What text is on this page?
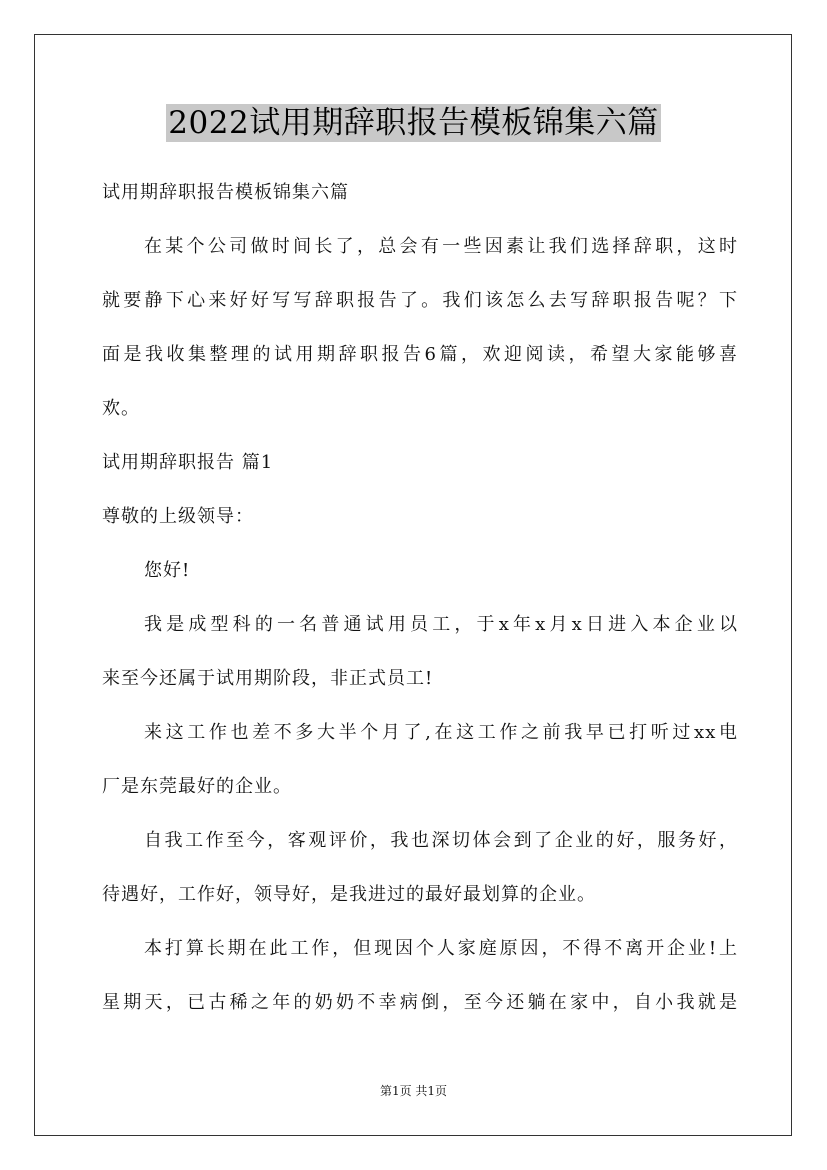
2022试用期辞职报告模板锦集六篇
试用期辞职报告模板锦集六篇
在某个公司做时间长了，总会有一些因素让我们选择辞职，这时
就要静下心来好好写写辞职报告了。我们该怎么去写辞职报告呢？下
面是我收集整理的试用期辞职报告6篇，欢迎阅读，希望大家能够喜
欢。
试用期辞职报告 篇1
尊敬的上级领导：
您好!
我是成型科的一名普通试用员工，于x年x月x日进入本企业以
来至今还属于试用期阶段，非正式员工!
来这工作也差不多大半个月了,在这工作之前我早已打听过xx电
厂是东莞最好的企业。
自我工作至今，客观评价，我也深切体会到了企业的好，服务好，
待遇好，工作好，领导好，是我进过的最好最划算的企业。
本打算长期在此工作，但现因个人家庭原因，不得不离开企业!上
星期天，已古稀之年的奶奶不幸病倒，至今还躺在家中，自小我就是
第1页 共1页
